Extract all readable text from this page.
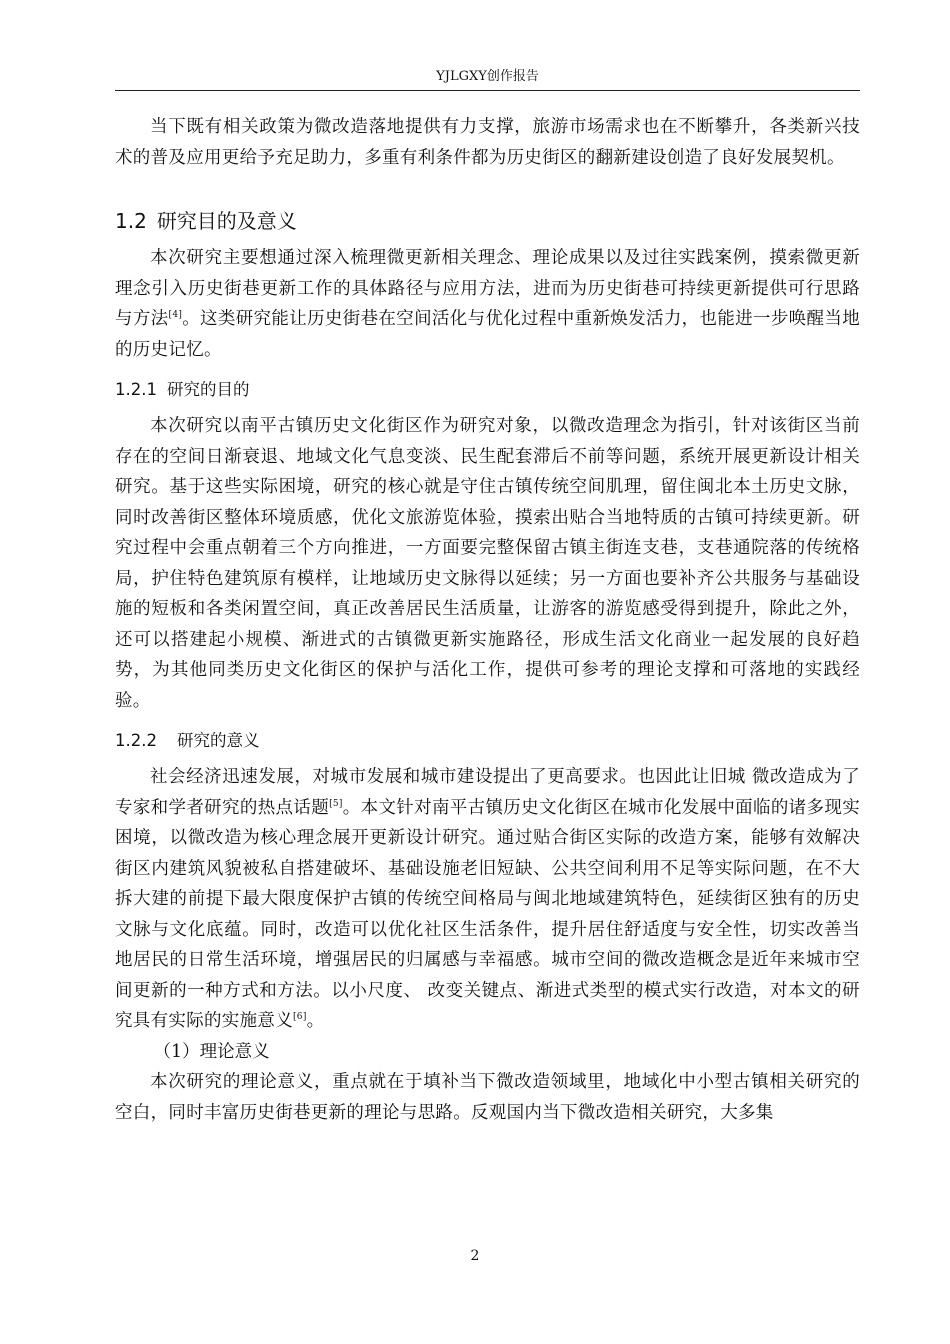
YJLGXY创作报告

当下既有相关政策为微改造落地提供有力支撑，旅游市场需求也在不断攀升，各类新兴技术的普及应用更给予充足助力，多重有利条件都为历史街区的翻新建设创造了良好发展契机。

1.2 研究目的及意义

本次研究主要想通过深入梳理微更新相关理念、理论成果以及过往实践案例，摸索微更新理念引入历史街巷更新工作的具体路径与应用方法，进而为历史街巷可持续更新提供可行思路与方法[4]。这类研究能让历史街巷在空间活化与优化过程中重新焕发活力，也能进一步唤醒当地的历史记忆。

1.2.1 研究的目的

本次研究以南平古镇历史文化街区作为研究对象，以微改造理念为指引，针对该街区当前存在的空间日渐衰退、地域文化气息变淡、民生配套滞后不前等问题，系统开展更新设计相关研究。基于这些实际困境，研究的核心就是守住古镇传统空间肌理，留住闽北本土历史文脉，同时改善街区整体环境质感，优化文旅游览体验，摸索出贴合当地特质的古镇可持续更新。研究过程中会重点朝着三个方向推进，一方面要完整保留古镇主街连支巷，支巷通院落的传统格局，护住特色建筑原有模样，让地域历史文脉得以延续；另一方面也要补齐公共服务与基础设施的短板和各类闲置空间，真正改善居民生活质量，让游客的游览感受得到提升，除此之外，还可以搭建起小规模、渐进式的古镇微更新实施路径，形成生活文化商业一起发展的良好趋势，为其他同类历史文化街区的保护与活化工作，提供可参考的理论支撑和可落地的实践经验。

1.2.2 研究的意义

社会经济迅速发展，对城市发展和城市建设提出了更高要求。也因此让旧城 微改造成为了专家和学者研究的热点话题[5]。本文针对南平古镇历史文化街区在城市化发展中面临的诸多现实困境，以微改造为核心理念展开更新设计研究。通过贴合街区实际的改造方案，能够有效解决街区内建筑风貌被私自搭建破坏、基础设施老旧短缺、公共空间利用不足等实际问题，在不大拆大建的前提下最大限度保护古镇的传统空间格局与闽北地域建筑特色，延续街区独有的历史文脉与文化底蕴。同时，改造可以优化社区生活条件，提升居住舒适度与安全性，切实改善当地居民的日常生活环境，增强居民的归属感与幸福感。城市空间的微改造概念是近年来城市空间更新的一种方式和方法。以小尺度、 改变关键点、渐进式类型的模式实行改造，对本文的研究具有实际的实施意义[6]。

（1）理论意义

本次研究的理论意义，重点就在于填补当下微改造领域里，地域化中小型古镇相关研究的空白，同时丰富历史街巷更新的理论与思路。反观国内当下微改造相关研究，大多集

2
